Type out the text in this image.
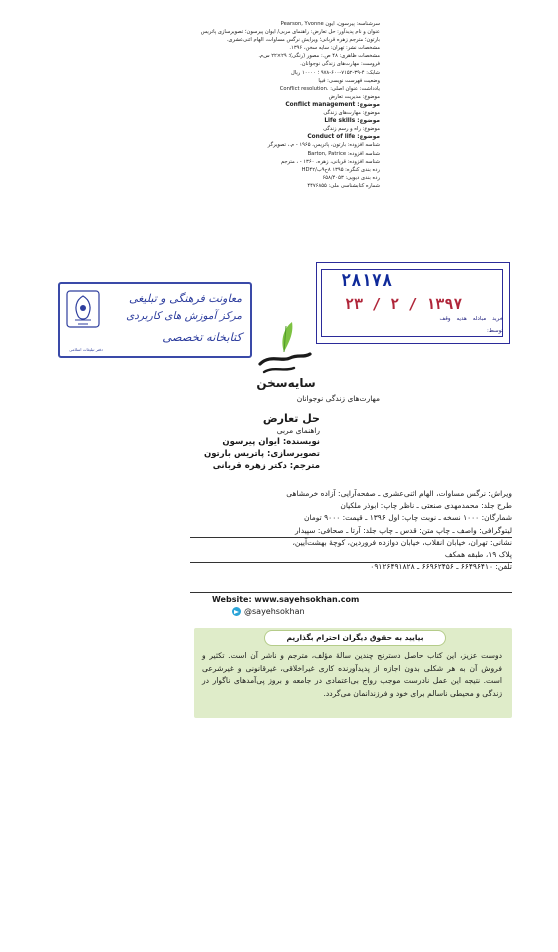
سرشناسه: پیرسون، ایون Pearson, Yvonne
عنوان و نام پدیدآور: حل تعارض: راهنمای مربی/ ایوان پیرسون؛ تصویرسازی پاتریس
بارتون؛ مترجم زهره قربانی؛ ویرایش نرگس مساوات، الهام اثنی‌عشری.
مشخصات نشر: تهران: سایه سخن، ۱۳۹۶.
مشخصات ظاهری: ۴۸ ص.: مصور (رنگی)؛ ۲۹×۲۲ س‌م.
فروست: مهارت‌های زندگی نوجوانان.
شابک: ۴-۳۹-۷۱۵۲-۶۰۰-۹۷۸ ؛ ۱۰۰۰۰ ریال
وضعیت فهرست نویسی: فیپا
یادداشت: عنوان اصلی: .Conflict resolution
موضوع: مدیریت تعارض
موضوع: Conflict management
موضوع: مهارت‌های زندگی
موضوع: Life skills
موضوع: راه و رسم زندگی
موضوع: Conduct of life
شناسه افزوده: بارتون، پاتریس، ۱۹۶۵ - م.، تصویرگر
شناسه افزوده: Barton, Patrice
شناسه افزوده: قربانی، زهره، ۱۳۶۰ - ، مترجم
رده بندی کنگره: ۱۳۹۵ ۸ح۹ب/HD۴۲
رده بندی دیویی: ۶۵۸/۴۰۵۳
شماره کتابشناسی ملی: ۴۴۷۶۸۵۵
۲۸۱۷۸
۱۳۹۷ / ۲ / ۲۳
خرید
مبادله
هدیه
وقف
توسط:
دفتر تبلیغات اسلامی
معاونت فرهنگی و تبلیغی
مرکز آموزش های کاربردی
کتابخانه تخصصی
سایه‌سخن
مهارت‌های زندگی نوجوانان
حل تعارض
راهنمای مربی
نویسنده: ایوان پیرسون
تصویرسازی: پاتریس بارتون
مترجم: دکتر زهره قربانی
ویراش: نرگس مساوات، الهام اثنی‌عشری ـ صفحه‌آرایی: آزاده خرمشاهی
طرح جلد: محمدمهدی صنعتی ـ ناظر چاپ: ابوذر ملکیان
شمارگان: ۱۰۰۰ نسخه ـ نوبت چاپ: اول ۱۳۹۶ ـ قیمت: ۹۰۰۰ تومان
لیتوگرافی: واصف ـ چاپ متن: قدس ـ چاپ جلد: آرتا ـ صحافی: سپیدار
نشانی: تهران، خیابان انقلاب، خیابان دوازده فروردین، کوچهٔ بهشت‌آیین،
پلاک ۱۹، طبقه همکف
تلفن: ۶۶۴۹۶۴۱۰ ـ ۶۶۹۶۲۴۵۶ ـ ۰۹۱۲۶۴۹۱۸۲۸
Website: www.sayehsokhan.com
@sayehsokhan
بیایید به حقوق دیگران احترام بگذاریم
دوست عزیز، این کتاب حاصل دسترنج چندین سالهٔ مؤلف، مترجم و ناشر آن است. تکثیر و فروش آن به هر شکلی بدون اجازه از پدیدآورنده کاری غیراخلاقی، غیرقانونی و غیرشرعی است. نتیجه این عمل نادرست موجب رواج بی‌اعتمادی در جامعه و بروز پی‌آمدهای ناگوار در زندگی و محیطی ناسالم برای خود و فرزندانمان می‌گردد.
